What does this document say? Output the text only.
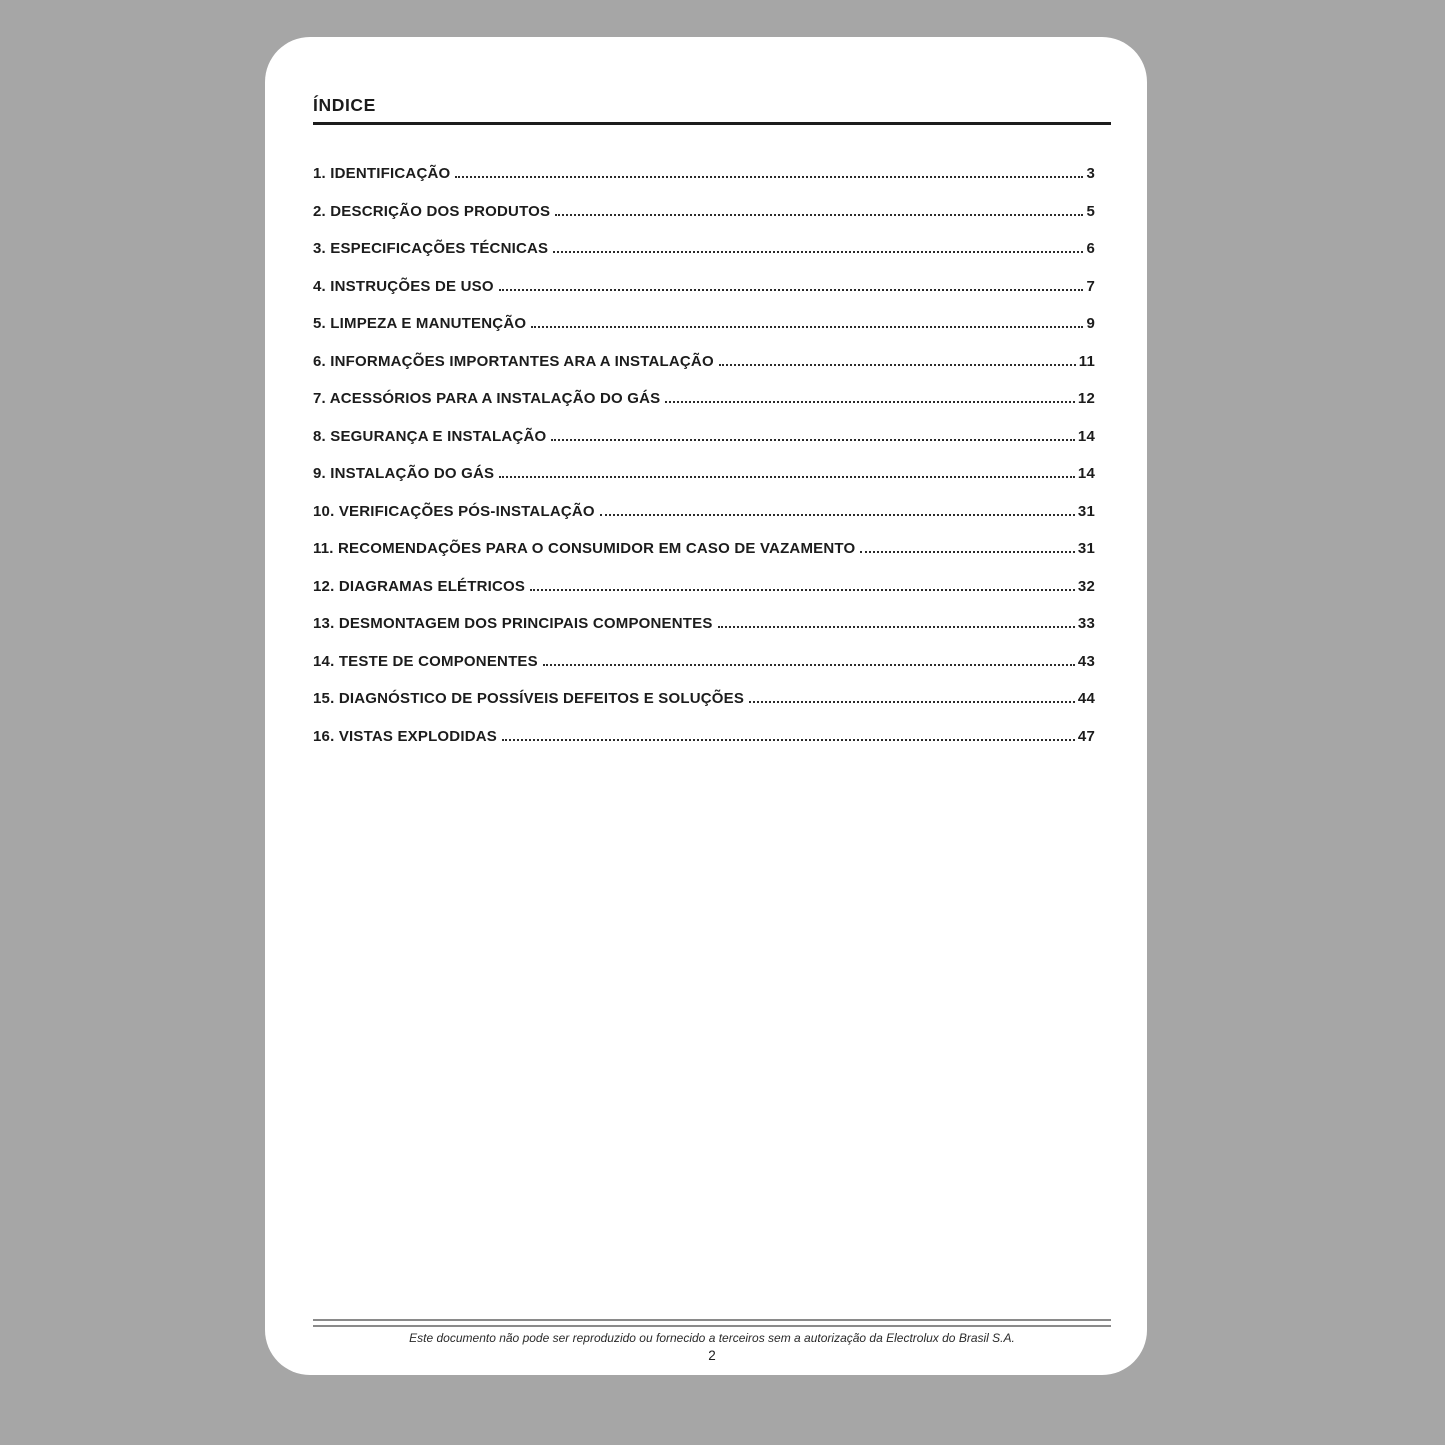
ÍNDICE
1. IDENTIFICAÇÃO	3
2. DESCRIÇÃO DOS PRODUTOS	5
3. ESPECIFICAÇÕES TÉCNICAS	6
4. INSTRUÇÕES DE USO	7
5. LIMPEZA E MANUTENÇÃO	9
6. INFORMAÇÕES IMPORTANTES ARA A INSTALAÇÃO	11
7. ACESSÓRIOS PARA A INSTALAÇÃO DO GÁS	12
8. SEGURANÇA E INSTALAÇÃO	14
9. INSTALAÇÃO DO GÁS	14
10. VERIFICAÇÕES PÓS-INSTALAÇÃO	31
11. RECOMENDAÇÕES PARA O CONSUMIDOR EM CASO DE VAZAMENTO	31
12. DIAGRAMAS ELÉTRICOS	32
13. DESMONTAGEM DOS PRINCIPAIS COMPONENTES	33
14. TESTE DE COMPONENTES	43
15. DIAGNÓSTICO DE POSSÍVEIS DEFEITOS E SOLUÇÕES	44
16. VISTAS EXPLODIDAS	47
Este documento não pode ser reproduzido ou fornecido a terceiros sem a autorização da Electrolux do Brasil S.A.
2
